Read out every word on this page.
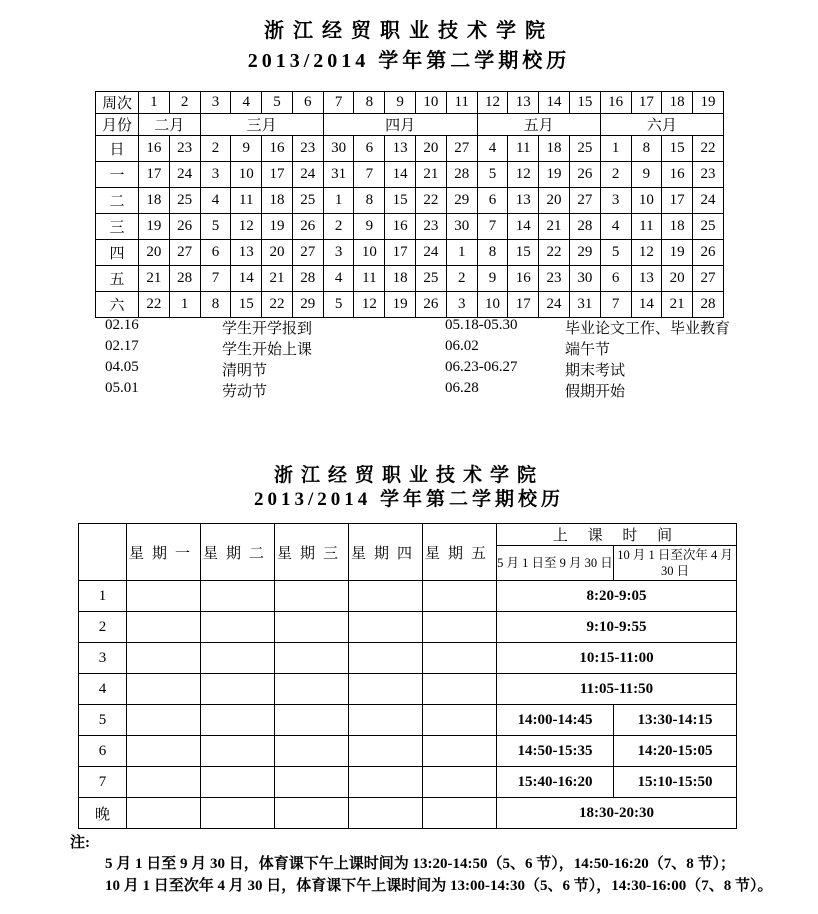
浙江经贸职业技术学院
2013/2014 学年第二学期校历
周次	1	2	3	4	5	6	7	8	9	10	11	12	13	14	15	16	17	18	19
月份	二月		三月				四月					五月				六月			
日	16	23	2	9	16	23	30	6	13	20	27	4	11	18	25	1	8	15	22
一	17	24	3	10	17	24	31	7	14	21	28	5	12	19	26	2	9	16	23
二	18	25	4	11	18	25	1	8	15	22	29	6	13	20	27	3	10	17	24
三	19	26	5	12	19	26	2	9	16	23	30	7	14	21	28	4	11	18	25
四	20	27	6	13	20	27	3	10	17	24	1	8	15	22	29	5	12	19	26
五	21	28	7	14	21	28	4	11	18	25	2	9	16	23	30	6	13	20	27
六	22	1	8	15	22	29	5	12	19	26	3	10	17	24	31	7	14	21	28
02.16	学生开学报到	05.18-05.30	毕业论文工作、毕业教育
02.17	学生开始上课	06.02	端午节
04.05	清明节	06.23-06.27	期末考试
05.01	劳动节	06.28	假期开始
浙江经贸职业技术学院
2013/2014 学年第二学期校历
	星期一	星期二	星期三	星期四	星期五	上 课 时 间	
						5 月 1 日至 9 月 30 日	10 月 1 日至次年 4 月 30 日
1						8:20-9:05	
2						9:10-9:55	
3						10:15-11:00	
4						11:05-11:50	
5						14:00-14:45	13:30-14:15
6						14:50-15:35	14:20-15:05
7						15:40-16:20	15:10-15:50
晚						18:30-20:30	
注:
5 月 1 日至 9 月 30 日，体育课下午上课时间为 13:20-14:50（5、6 节），14:50-16:20（7、8 节）；
10 月 1 日至次年 4 月 30 日，体育课下午上课时间为 13:00-14:30（5、6 节），14:30-16:00（7、8 节）。
